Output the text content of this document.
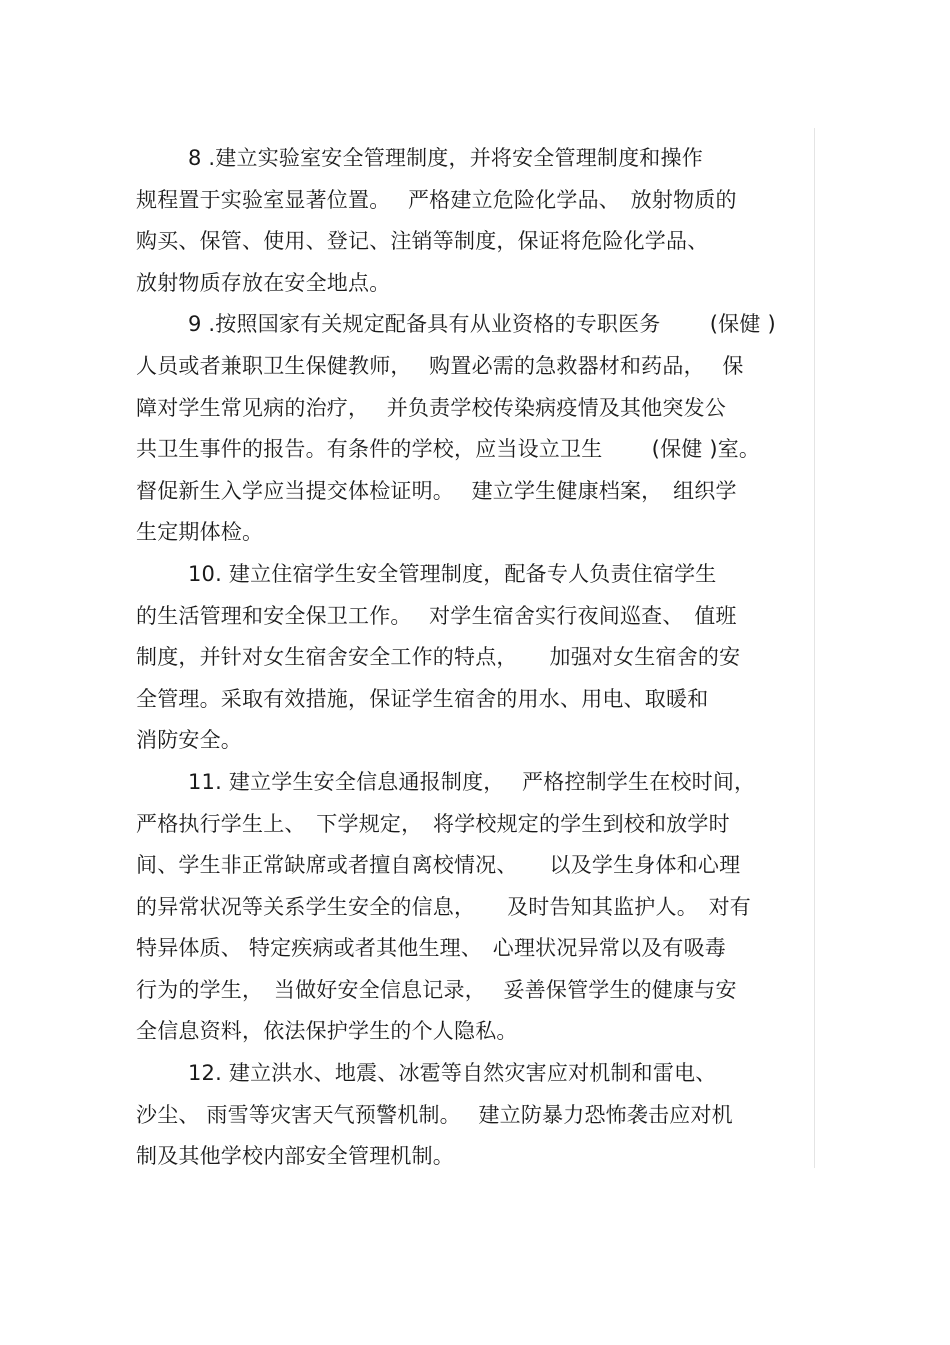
8 .建立实验室安全管理制度，并将安全管理制度和操作
规程置于实验室显著位置。　 严格建立危险化学品、　放射物质的
购买、保管、使用、登记、注销等制度，保证将危险化学品、
放射物质存放在安全地点。

9 .按照国家有关规定配备具有从业资格的专职医务　　 (保健 )
人员或者兼职卫生保健教师，　 购置必需的急救器材和药品，　 保
障对学生常见病的治疗，　 并负责学校传染病疫情及其他突发公
共卫生事件的报告。有条件的学校，应当设立卫生　　 (保健 )室。
督促新生入学应当提交体检证明。　 建立学生健康档案，　组织学
生定期体检。

10. 建立住宿学生安全管理制度，配备专人负责住宿学生
的生活管理和安全保卫工作。　 对学生宿舍实行夜间巡查、　值班
制度，并针对女生宿舍安全工作的特点，　　加强对女生宿舍的安
全管理。采取有效措施，保证学生宿舍的用水、用电、取暖和
消防安全。

11. 建立学生安全信息通报制度，　 严格控制学生在校时间，
严格执行学生上、　下学规定，　将学校规定的学生到校和放学时
间、学生非正常缺席或者擅自离校情况、　　以及学生身体和心理
的异常状况等关系学生安全的信息，　　及时告知其监护人。　对有
特异体质、 特定疾病或者其他生理、　心理状况异常以及有吸毒
行为的学生，　当做好安全信息记录，　 妥善保管学生的健康与安
全信息资料，依法保护学生的个人隐私。

12. 建立洪水、地震、冰雹等自然灾害应对机制和雷电、
沙尘、 雨雪等灾害天气预警机制。　 建立防暴力恐怖袭击应对机
制及其他学校内部安全管理机制。
